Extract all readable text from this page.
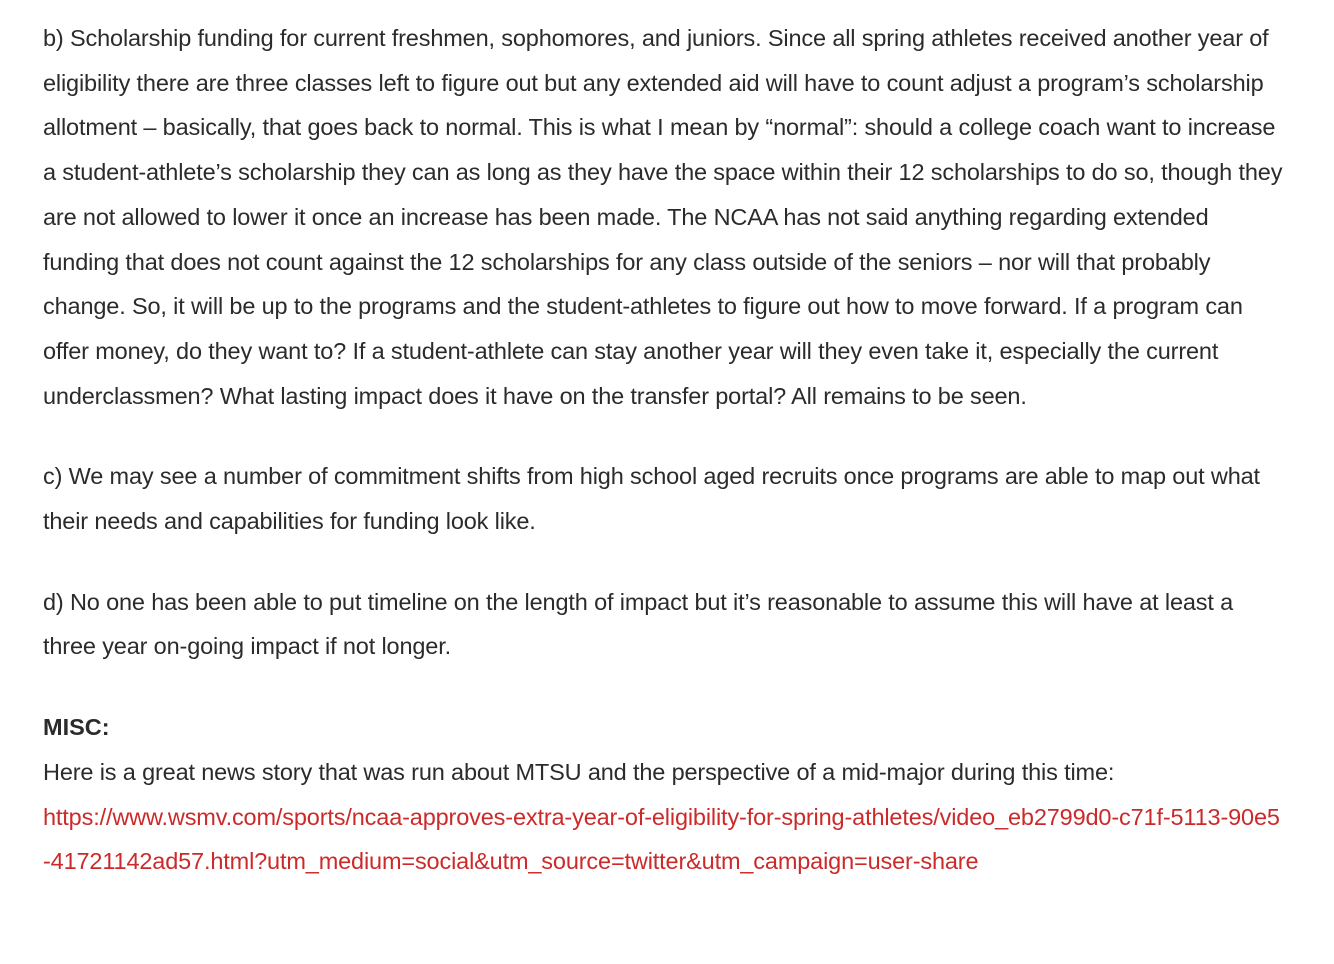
b) Scholarship funding for current freshmen, sophomores, and juniors. Since all spring athletes received another year of eligibility there are three classes left to figure out but any extended aid will have to count adjust a program’s scholarship allotment – basically, that goes back to normal. This is what I mean by “normal”: should a college coach want to increase a student-athlete’s scholarship they can as long as they have the space within their 12 scholarships to do so, though they are not allowed to lower it once an increase has been made. The NCAA has not said anything regarding extended funding that does not count against the 12 scholarships for any class outside of the seniors – nor will that probably change. So, it will be up to the programs and the student-athletes to figure out how to move forward. If a program can offer money, do they want to? If a student-athlete can stay another year will they even take it, especially the current underclassmen? What lasting impact does it have on the transfer portal? All remains to be seen.

c) We may see a number of commitment shifts from high school aged recruits once programs are able to map out what their needs and capabilities for funding look like.

d) No one has been able to put timeline on the length of impact but it’s reasonable to assume this will have at least a three year on-going impact if not longer.

MISC:

Here is a great news story that was run about MTSU and the perspective of a mid-major during this time:

https://www.wsmv.com/sports/ncaa-approves-extra-year-of-eligibility-for-spring-athletes/video_eb2799d0-c71f-5113-90e5-41721142ad57.html?utm_medium=social&utm_source=twitter&utm_campaign=user-share
